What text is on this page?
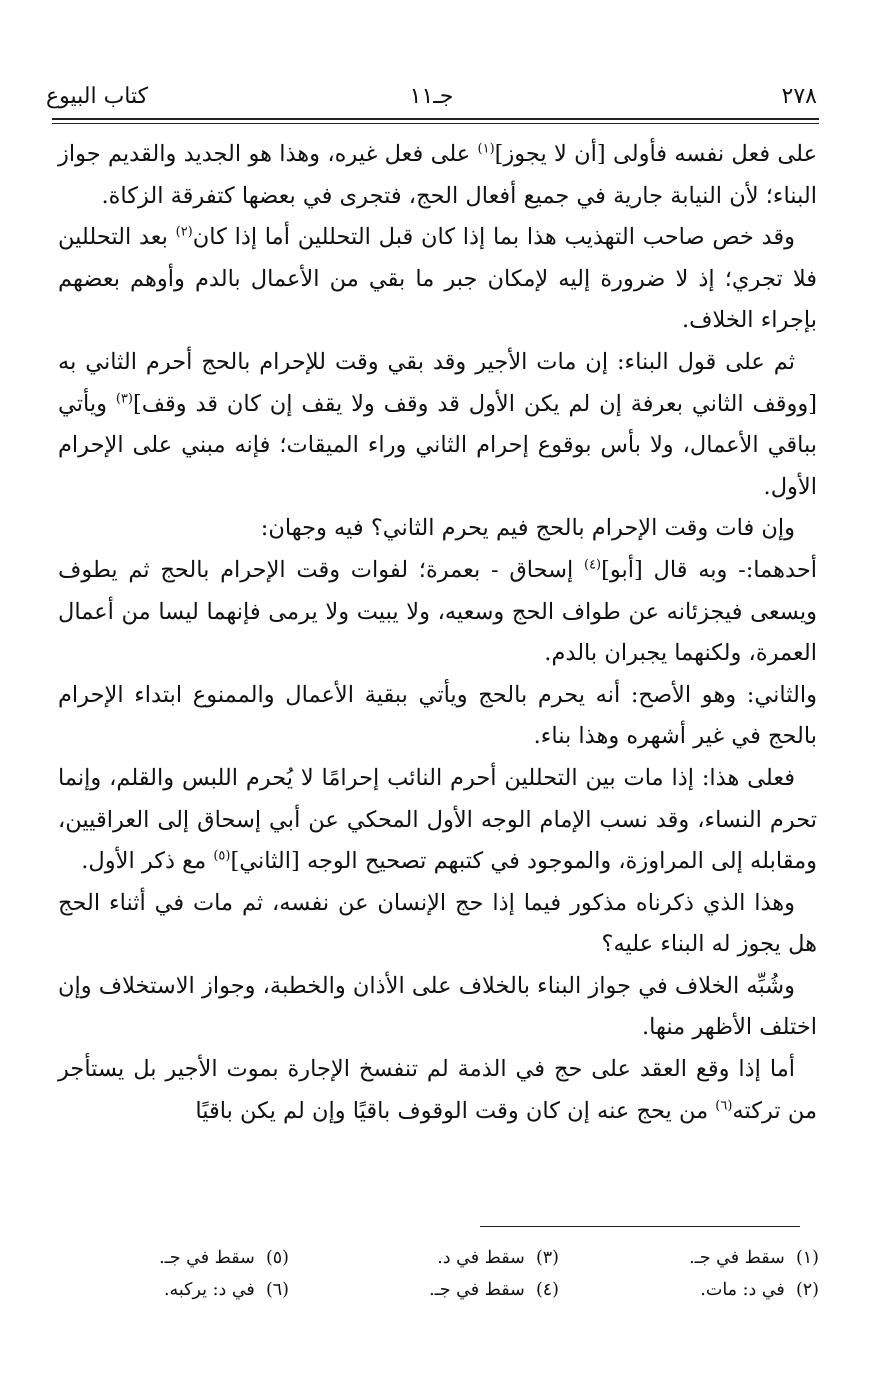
٢٧٨
جـ١١
كتاب البيوع

على فعل نفسه فأولى [أن لا يجوز]$^{(١)}$ على فعل غيره، وهذا هو الجديد والقديم جواز البناء؛ لأن النيابة جارية في جميع أفعال الحج، فتجرى في بعضها كتفرقة الزكاة.

وقد خص صاحب التهذيب هذا بما إذا كان قبل التحللين أما إذا كان$^{(٢)}$ بعد التحللين فلا تجري؛ إذ لا ضرورة إليه لإمكان جبر ما بقي من الأعمال بالدم وأوهم بعضهم بإجراء الخلاف.

ثم على قول البناء: إن مات الأجير وقد بقي وقت للإحرام بالحج أحرم الثاني به [ووقف الثاني بعرفة إن لم يكن الأول قد وقف ولا يقف إن كان قد وقف]$^{(٣)}$ ويأتي بباقي الأعمال، ولا بأس بوقوع إحرام الثاني وراء الميقات؛ فإنه مبني على الإحرام الأول.

وإن فات وقت الإحرام بالحج فيم يحرم الثاني؟ فيه وجهان:

أحدهما:- وبه قال [أبو]$^{(٤)}$ إسحاق - بعمرة؛ لفوات وقت الإحرام بالحج ثم يطوف ويسعى فيجزئانه عن طواف الحج وسعيه، ولا يبيت ولا يرمى فإنهما ليسا من أعمال العمرة، ولكنهما يجبران بالدم.

والثاني: وهو الأصح: أنه يحرم بالحج ويأتي ببقية الأعمال والممنوع ابتداء الإحرام بالحج في غير أشهره وهذا بناء.

فعلى هذا: إذا مات بين التحللين أحرم النائب إحرامًا لا يُحرم اللبس والقلم، وإنما تحرم النساء، وقد نسب الإمام الوجه الأول المحكي عن أبي إسحاق إلى العراقيين، ومقابله إلى المراوزة، والموجود في كتبهم تصحيح الوجه [الثاني]$^{(٥)}$ مع ذكر الأول.

وهذا الذي ذكرناه مذكور فيما إذا حج الإنسان عن نفسه، ثم مات في أثناء الحج هل يجوز له البناء عليه؟

وشُبِّه الخلاف في جواز البناء بالخلاف على الأذان والخطبة، وجواز الاستخلاف وإن اختلف الأظهر منها.

أما إذا وقع العقد على حج في الذمة لم تنفسخ الإجارة بموت الأجير بل يستأجر من تركته$^{(٦)}$ من يحج عنه إن كان وقت الوقوف باقيًا وإن لم يكن باقيًا

(١)  سقط في جـ.
(٢)  في د: مات.
(٣)  سقط في د.
(٤)  سقط في جـ.
(٥)  سقط في جـ.
(٦)  في د: يركبه.
